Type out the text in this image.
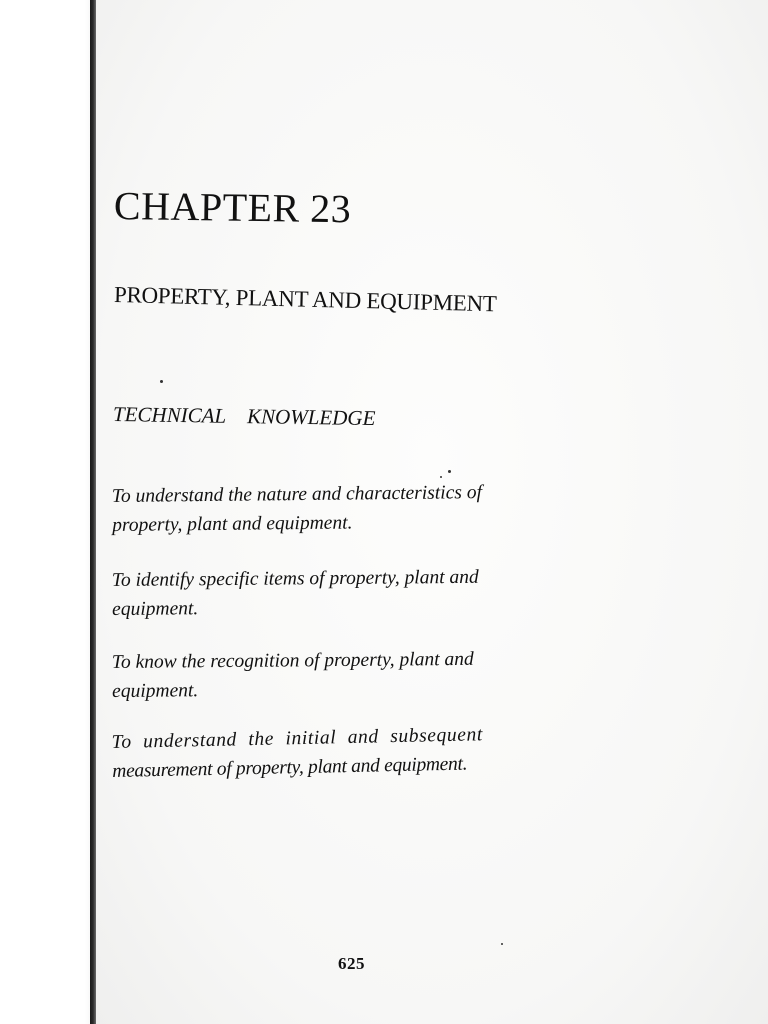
CHAPTER 23
PROPERTY, PLANT AND EQUIPMENT
TECHNICAL KNOWLEDGE
To understand the nature and characteristics of
property, plant and equipment.
To identify specific items of property, plant and
equipment.
To know the recognition of property, plant and
equipment.
To understand the initial and subsequent
measurement of property, plant and equipment.
625
